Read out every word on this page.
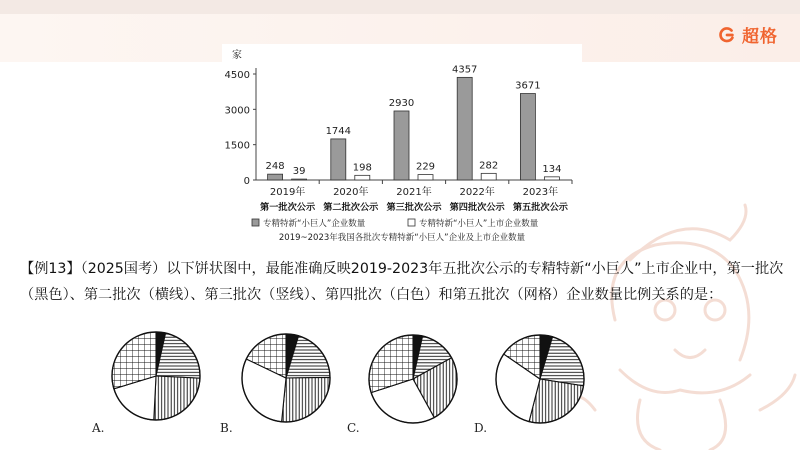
超格
家
0
1500
3000
4500
248 39
2019年
第一批次公示
1744
198
2020年
第二批次公示
2930
229
2021年
第三批次公示
4357
282
2022年
第四批次公示
3671
134
2023年
第五批次公示
专精特新“小巨人”企业数量	专精特新“小巨人”上市企业数量
2019~2023年我国各批次专精特新“小巨人”企业及上市企业数量
【例13】（2025国考）以下饼状图中，最能准确反映2019-2023年五批次公示的专精特新“小巨人”上市企业中，第一批次（黑色）、第二批次（横线）、第三批次（竖线）、第四批次（白色）和第五批次（网格）企业数量比例关系的是：
A.	B.	C.	D.
